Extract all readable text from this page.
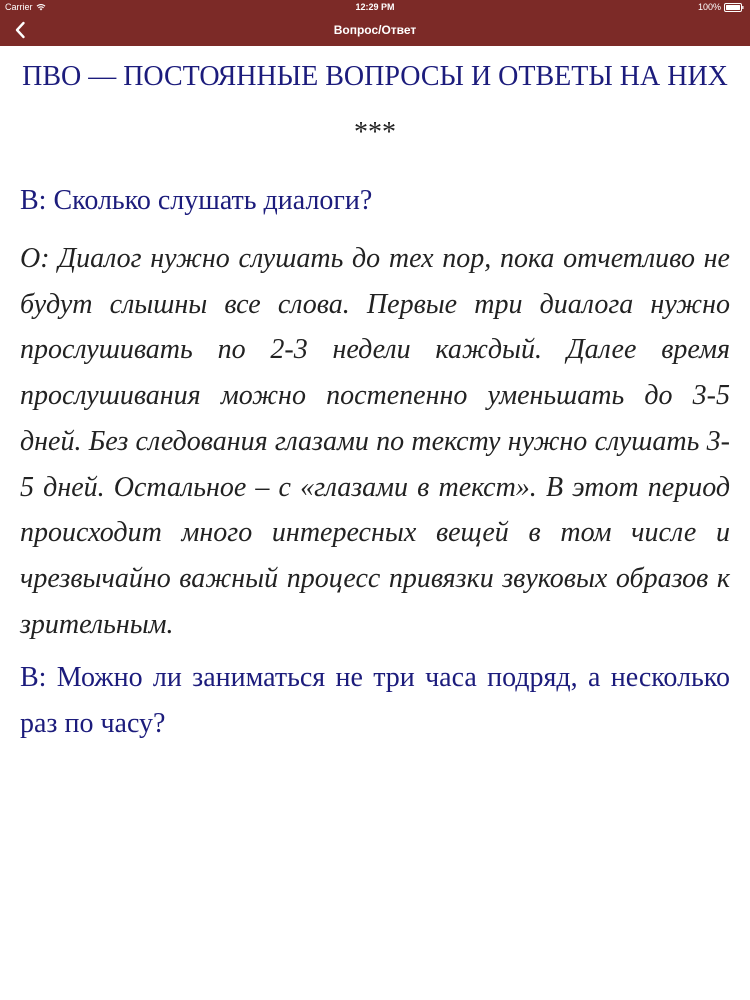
Carrier	12:29 PM	100%
Вопрос/Ответ
ПВО — ПОСТОЯННЫЕ ВОПРОСЫ И ОТВЕТЫ НА НИХ
***
В: Сколько слушать диалоги?
О: Диалог нужно слушать до тех пор, пока отчетливо не будут слышны все слова. Первые три диалога нужно прослушивать по 2-3 недели каждый. Далее время прослушивания можно постепенно уменьшать до 3-5 дней. Без следования глазами по тексту нужно слушать 3-5 дней. Остальное – с «глазами в текст». В этот период происходит много интересных вещей в том числе и чрезвычайно важный процесс привязки звуковых образов к зрительным.
В: Можно ли заниматься не три часа подряд, а несколько раз по часу?
